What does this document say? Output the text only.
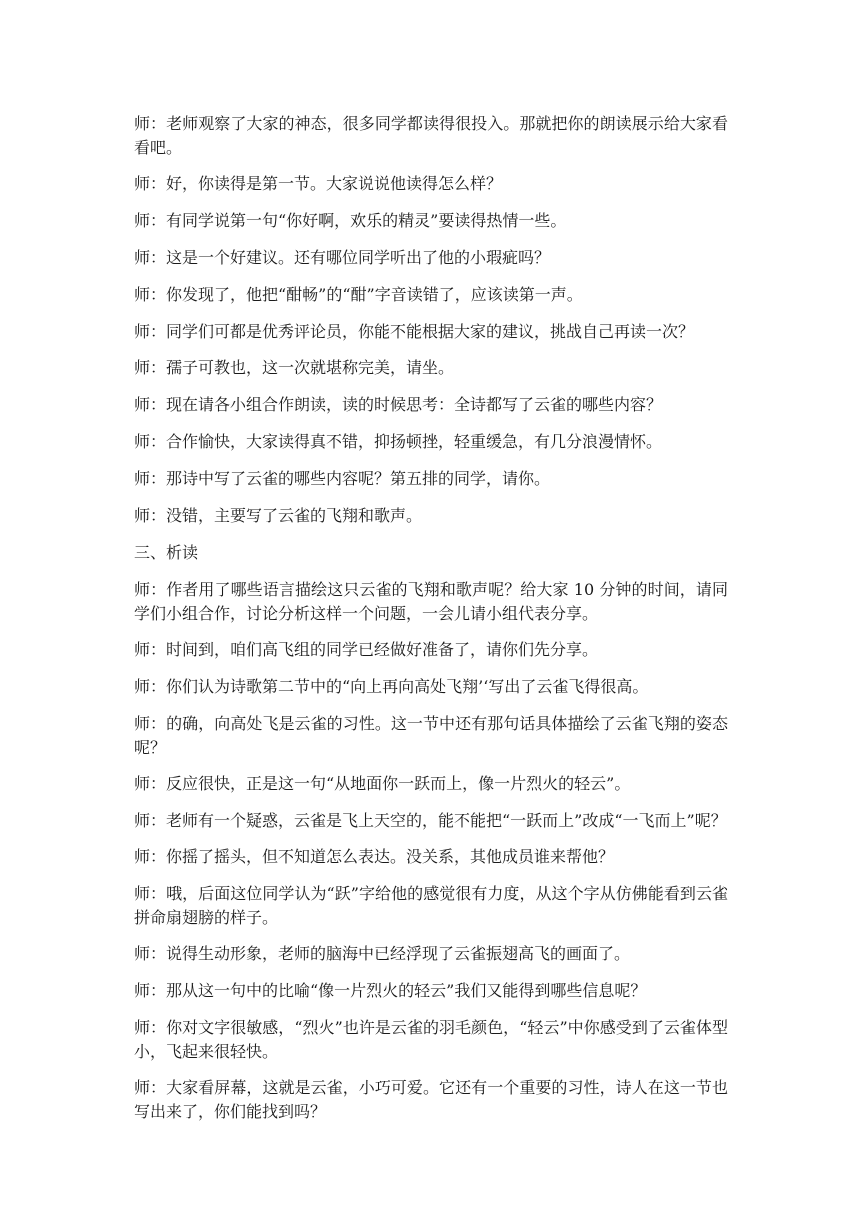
师：老师观察了大家的神态，很多同学都读得很投入。那就把你的朗读展示给大家看看吧。

师：好，你读得是第一节。大家说说他读得怎么样？

师：有同学说第一句“你好啊，欢乐的精灵”要读得热情一些。

师：这是一个好建议。还有哪位同学听出了他的小瑕疵吗？

师：你发现了，他把“酣畅”的“酣”字音读错了，应该读第一声。

师：同学们可都是优秀评论员，你能不能根据大家的建议，挑战自己再读一次？

师：孺子可教也，这一次就堪称完美，请坐。

师：现在请各小组合作朗读，读的时候思考：全诗都写了云雀的哪些内容？

师：合作愉快，大家读得真不错，抑扬顿挫，轻重缓急，有几分浪漫情怀。

师：那诗中写了云雀的哪些内容呢？第五排的同学，请你。

师：没错，主要写了云雀的飞翔和歌声。

三、析读

师：作者用了哪些语言描绘这只云雀的飞翔和歌声呢？给大家 10 分钟的时间，请同学们小组合作，讨论分析这样一个问题，一会儿请小组代表分享。

师：时间到，咱们高飞组的同学已经做好准备了，请你们先分享。

师：你们认为诗歌第二节中的“向上再向高处飞翔’‘写出了云雀飞得很高。

师：的确，向高处飞是云雀的习性。这一节中还有那句话具体描绘了云雀飞翔的姿态呢？

师：反应很快，正是这一句“从地面你一跃而上，像一片烈火的轻云”。

师：老师有一个疑惑，云雀是飞上天空的，能不能把“一跃而上”改成“一飞而上”呢？

师：你摇了摇头，但不知道怎么表达。没关系，其他成员谁来帮他？

师：哦，后面这位同学认为“跃”字给他的感觉很有力度，从这个字从仿佛能看到云雀拼命扇翅膀的样子。

师：说得生动形象，老师的脑海中已经浮现了云雀振翅高飞的画面了。

师：那从这一句中的比喻“像一片烈火的轻云”我们又能得到哪些信息呢？

师：你对文字很敏感，“烈火”也许是云雀的羽毛颜色，“轻云”中你感受到了云雀体型小，飞起来很轻快。

师：大家看屏幕，这就是云雀，小巧可爱。它还有一个重要的习性，诗人在这一节也写出来了，你们能找到吗？
